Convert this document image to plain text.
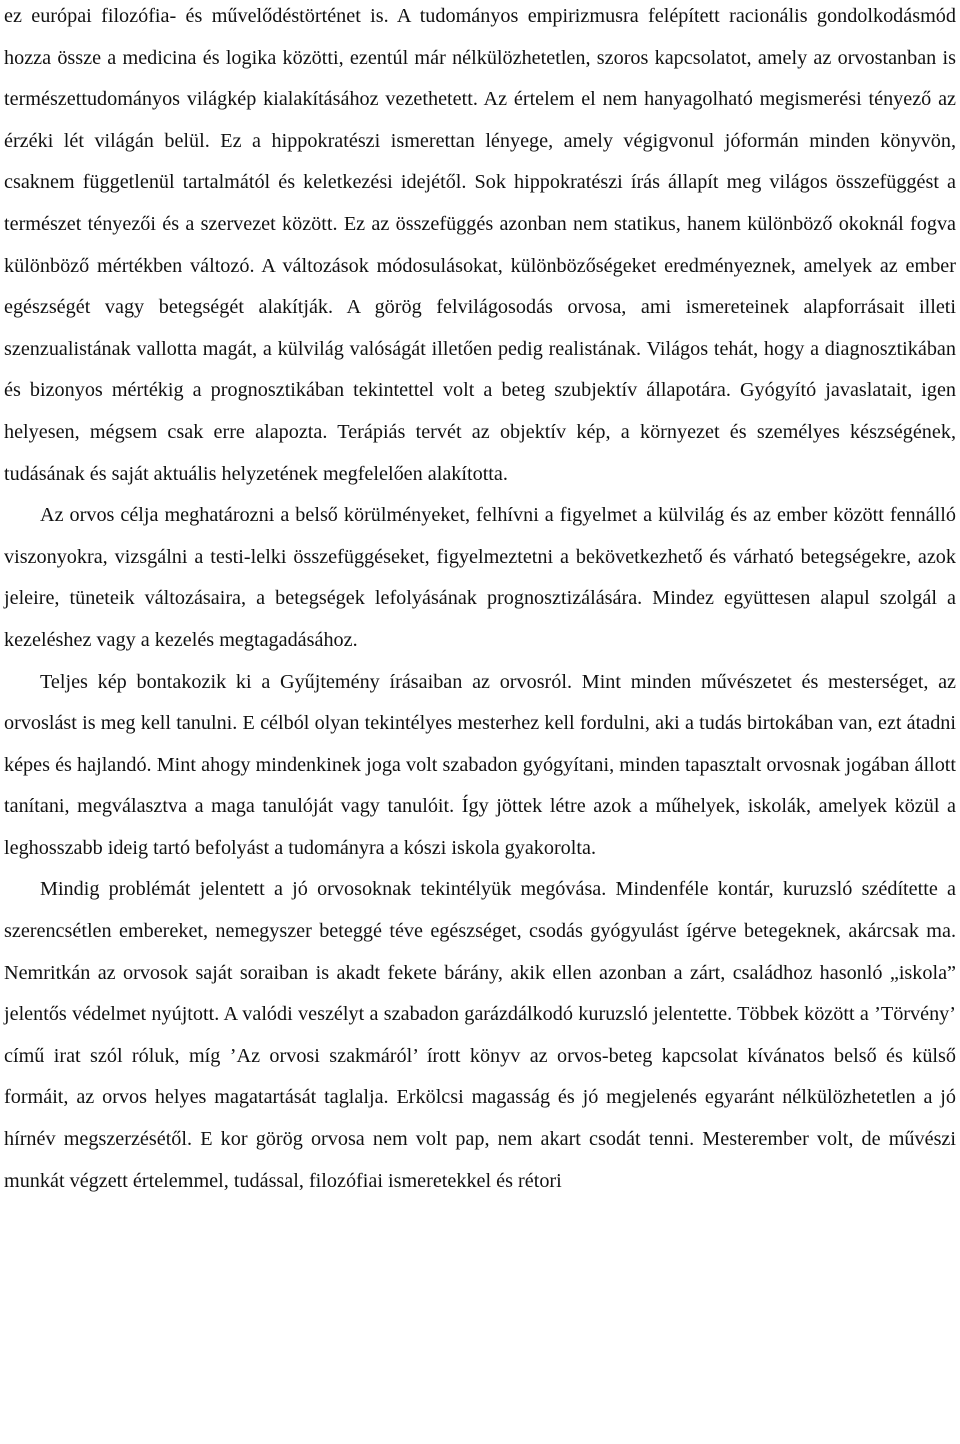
ez európai filozófia- és művelődéstörténet is. A tudományos empirizmusra felépített racionális gondolkodásmód hozza össze a medicina és logika közötti, ezentúl már nélkülözhetetlen, szoros kapcsolatot, amely az orvostanban is természettudományos világkép kialakításához vezethetett. Az értelem el nem hanyagolható megismerési tényező az érzéki lét világán belül. Ez a hippokratészi ismerettan lényege, amely végigvonul jóformán minden könyvön, csaknem függetlenül tartalmától és keletkezési idejétől. Sok hippokratészi írás állapít meg világos összefüggést a természet tényezői és a szervezet között. Ez az összefüggés azonban nem statikus, hanem különböző okoknál fogva különböző mértékben változó. A változások módosulásokat, különbözőségeket eredményeznek, amelyek az ember egészségét vagy betegségét alakítják. A görög felvilágosodás orvosa, ami ismereteinek alapforrásait illeti szenzualistának vallotta magát, a külvilág valóságát illetően pedig realistának. Világos tehát, hogy a diagnosztikában és bizonyos mértékig a prognosztikában tekintettel volt a beteg szubjektív állapotára. Gyógyító javaslatait, igen helyesen, mégsem csak erre alapozta. Terápiás tervét az objektív kép, a környezet és személyes készségének, tudásának és saját aktuális helyzetének megfelelően alakította.

Az orvos célja meghatározni a belső körülményeket, felhívni a figyelmet a külvilág és az ember között fennálló viszonyokra, vizsgálni a testi-lelki összefüggéseket, figyelmeztetni a bekövetkezhető és várható betegségekre, azok jeleire, tüneteik változásaira, a betegségek lefolyásának prognosztizálására. Mindez együttesen alapul szolgál a kezeléshez vagy a kezelés megtagadásához.

Teljes kép bontakozik ki a Gyűjtemény írásaiban az orvosról. Mint minden művészetet és mesterséget, az orvoslást is meg kell tanulni. E célból olyan tekintélyes mesterhez kell fordulni, aki a tudás birtokában van, ezt átadni képes és hajlandó. Mint ahogy mindenkinek joga volt szabadon gyógyítani, minden tapasztalt orvosnak jogában állott tanítani, megválasztva a maga tanulóját vagy tanulóit. Így jöttek létre azok a műhelyek, iskolák, amelyek közül a leghosszabb ideig tartó befolyást a tudományra a kószi iskola gyakorolta.

Mindig problémát jelentett a jó orvosoknak tekintélyük megóvása. Mindenféle kontár, kuruzsló szédítette a szerencsétlen embereket, nemegyszer beteggé téve egészséget, csodás gyógyulást ígérve betegeknek, akárcsak ma. Nemritkán az orvosok saját soraiban is akadt fekete bárány, akik ellen azonban a zárt, családhoz hasonló „iskola” jelentős védelmet nyújtott. A valódi veszélyt a szabadon garázdálkodó kuruzsló jelentette. Többek között a ’Törvény’ című irat szól róluk, míg ’Az orvosi szakmáról’ írott könyv az orvos-beteg kapcsolat kívánatos belső és külső formáit, az orvos helyes magatartását taglalja. Erkölcsi magasság és jó megjelenés egyaránt nélkülözhetetlen a jó hírnév megszerzésétől. E kor görög orvosa nem volt pap, nem akart csodát tenni. Mesterember volt, de művészi munkát végzett értelemmel, tudással, filozófiai ismeretekkel és rétori
